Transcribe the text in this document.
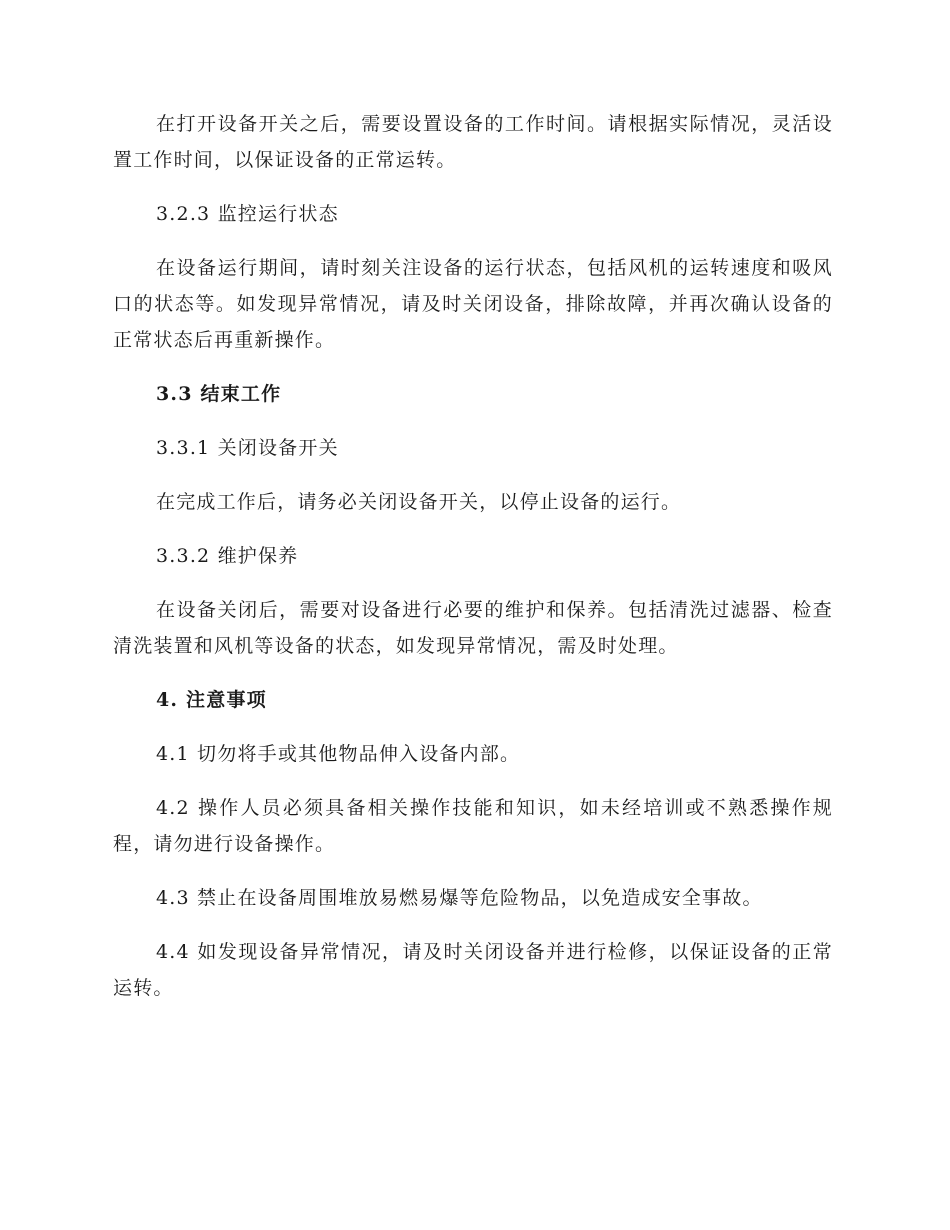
在打开设备开关之后，需要设置设备的工作时间。请根据实际情况，灵活设置工作时间，以保证设备的正常运转。

3.2.3 监控运行状态

在设备运行期间，请时刻关注设备的运行状态，包括风机的运转速度和吸风口的状态等。如发现异常情况，请及时关闭设备，排除故障，并再次确认设备的正常状态后再重新操作。

3.3 结束工作

3.3.1 关闭设备开关

在完成工作后，请务必关闭设备开关，以停止设备的运行。

3.3.2 维护保养

在设备关闭后，需要对设备进行必要的维护和保养。包括清洗过滤器、检查清洗装置和风机等设备的状态，如发现异常情况，需及时处理。

4. 注意事项

4.1 切勿将手或其他物品伸入设备内部。

4.2 操作人员必须具备相关操作技能和知识，如未经培训或不熟悉操作规程，请勿进行设备操作。

4.3 禁止在设备周围堆放易燃易爆等危险物品，以免造成安全事故。

4.4 如发现设备异常情况，请及时关闭设备并进行检修，以保证设备的正常运转。
